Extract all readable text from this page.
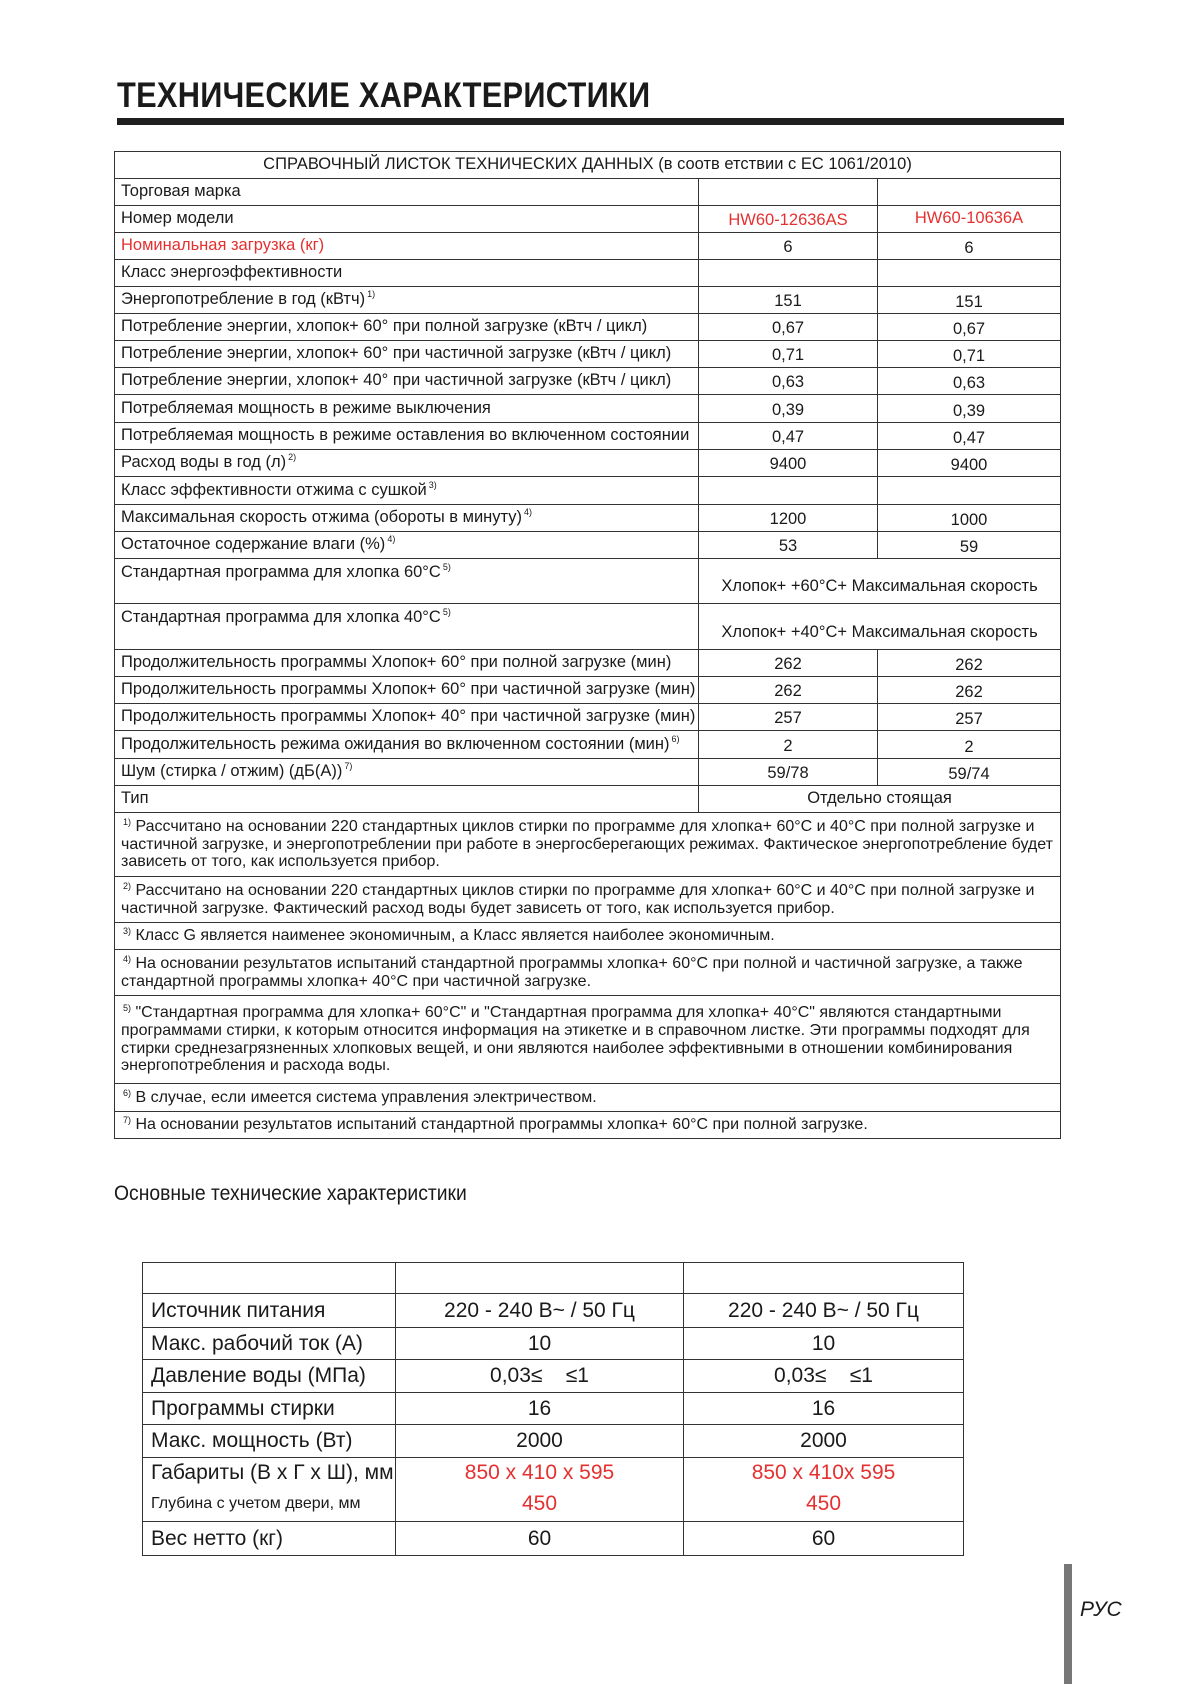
ТЕХНИЧЕСКИЕ ХАРАКТЕРИСТИКИ
СПРАВОЧНЫЙ ЛИСТОК ТЕХНИЧЕСКИХ ДАННЫХ (в соотв етствии с ЕС 1061/2010)		
Торговая марка		
Номер модели	HW60-12636AS	HW60-10636A
Номинальная загрузка (кг)	6	6
Класс энергоэффективности		
Энергопотребление в год (кВтч) $^{1)}$	151	151
Потребление энергии, хлопок+ 60° при полной загрузке (кВтч / цикл)	0,67	0,67
Потребление энергии, хлопок+ 60° при частичной загрузке (кВтч / цикл)	0,71	0,71
Потребление энергии, хлопок+ 40° при частичной загрузке (кВтч / цикл)	0,63	0,63
Потребляемая мощность в режиме выключения	0,39	0,39
Потребляемая мощность в режиме оставления во включенном состоянии	0,47	0,47
Расход воды в год (л) $^{2)}$	9400	9400
Класс эффективности отжима с сушкой $^{3)}$		
Максимальная скорость отжима (обороты в минуту) $^{4)}$	1200	1000
Остаточное содержание влаги (%) $^{4)}$	53	59
Стандартная программа для хлопка 60°C $^{5)}$	Хлопок+ +60°C+ Максимальная скорость	
Стандартная программа для хлопка 40°C $^{5)}$	Хлопок+ +40°C+ Максимальная скорость	
Продолжительность программы Хлопок+ 60° при полной загрузке (мин)	262	262
Продолжительность программы Хлопок+ 60° при частичной загрузке (мин)	262	262
Продолжительность программы Хлопок+ 40° при частичной загрузке (мин)	257	257
Продолжительность режима ожидания во включенном состоянии (мин) $^{6)}$	2	2
Шум (стирка / отжим) (дБ(А)) $^{7)}$	59/78	59/74
Тип	Отдельно стоящая	
$^{1)}$ Рассчитано на основании 220 стандартных циклов стирки по программе для хлопка+ 60°C и 40°C при полной загрузке и частичной загрузке, и энергопотреблении при работе в энергосберегающих режимах. Фактическое энергопотребление будет зависеть от того, как используется прибор.		
$^{2)}$ Рассчитано на основании 220 стандартных циклов стирки по программе для хлопка+ 60°C и 40°C при полной загрузке и частичной загрузке. Фактический расход воды будет зависеть от того, как используется прибор.		
$^{3)}$ Класс G является наименее экономичным, а Класс является наиболее экономичным.		
$^{4)}$ На основании результатов испытаний стандартной программы хлопка+ 60°C при полной и частичной загрузке, а также стандартной программы хлопка+ 40°C при частичной загрузке.		
$^{5)}$ "Стандартная программа для хлопка+ 60°C" и "Стандартная программа для хлопка+ 40°C" являются стандартными программами стирки, к которым относится информация на этикетке и в справочном листке. Эти программы подходят для стирки среднезагрязненных хлопковых вещей, и они являются наиболее эффективными в отношении комбинирования энергопотребления и расхода воды.		
$^{6)}$ В случае, если имеется система управления электричеством.		
$^{7)}$ На основании результатов испытаний стандартной программы хлопка+ 60°C при полной загрузке.		
Основные технические характеристики

Источник питания	220 - 240 В~ / 50 Гц	220 - 240 В~ / 50 Гц
Макс. рабочий ток (А)	10	10
Давление воды (МПа)	0,03≤    ≤1	0,03≤    ≤1
Программы стирки	16	16
Макс. мощность (Вт)	2000	2000
Габариты (В х Г х Ш), мм	850 x 410 x 595	850 x 410x 595
Глубина с учетом двери, мм	450	450
Вес нетто (кг)	60	60
РУС
